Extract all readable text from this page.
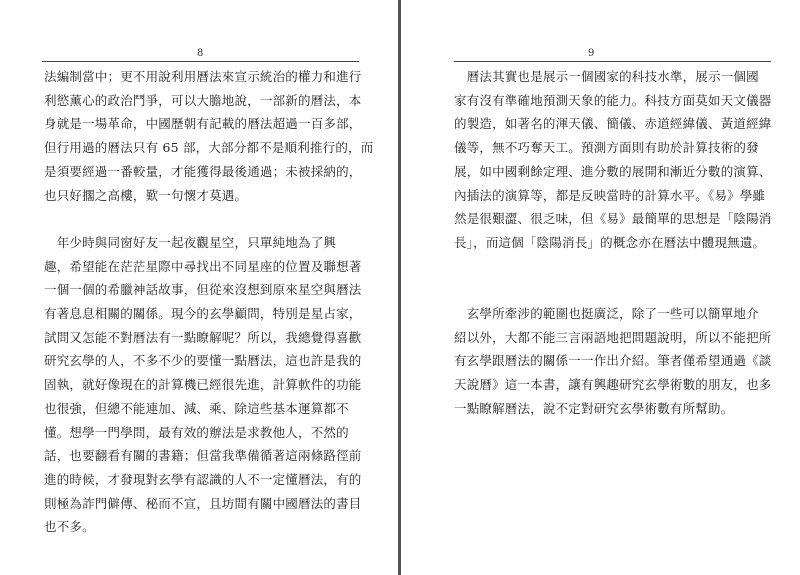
8
法編制當中；更不用說利用曆法來宣示統治的權力和進行
利慾薰心的政治鬥爭，可以大膽地說，一部新的曆法，本
身就是一場革命，中國歷朝有記載的曆法超過一百多部，
但行用過的曆法只有 65 部，大部分都不是順利推行的，而
是須要經過一番較量，才能獲得最後通過；未被採納的，
也只好擱之高樓，歎一句懷才莫遇。
　年少時與同窗好友一起夜觀星空，只單純地為了興
趣，希望能在茫茫星際中尋找出不同星座的位置及聯想著
一個一個的希臘神話故事，但從來沒想到原來星空與曆法
有著息息相關的關係。現今的玄學顧問，特別是星占家，
試問又怎能不對曆法有一點瞭解呢？所以，我總覺得喜歡
研究玄學的人，不多不少的要懂一點曆法，這也許是我的
固執，就好像現在的計算機已經很先進，計算軟件的功能
也很強，但總不能連加、減、乘、除這些基本運算都不
懂。想學一門學問，最有效的辦法是求教他人，不然的
話，也要翻看有關的書籍；但當我準備循著這兩條路徑前
進的時候，才發現對玄學有認識的人不一定懂曆法，有的
則極為詐門僻傳、秘而不宣，且坊間有關中國曆法的書目
也不多。
9
　曆法其實也是展示一個國家的科技水準，展示一個國
家有沒有準確地預測天象的能力。科技方面莫如天文儀器
的製造，如著名的渾天儀、簡儀、赤道經緯儀、黃道經緯
儀等，無不巧奪天工。預測方面則有助於計算技術的發
展，如中國剩餘定理、進分數的展開和漸近分數的演算、
內插法的演算等，都是反映當時的計算水平。《易》學雖
然是很艱澀、很乏味，但《易》最簡單的思想是「陰陽消
長」，而這個「陰陽消長」的概念亦在曆法中體現無遺。
　玄學所牽涉的範圍也挺廣泛，除了一些可以簡單地介
紹以外，大都不能三言兩語地把問題說明，所以不能把所
有玄學跟曆法的關係一一作出介紹。筆者僅希望通過《談
天說曆》這一本書，讓有興趣研究玄學術數的朋友，也多
一點瞭解曆法，說不定對研究玄學術數有所幫助。
